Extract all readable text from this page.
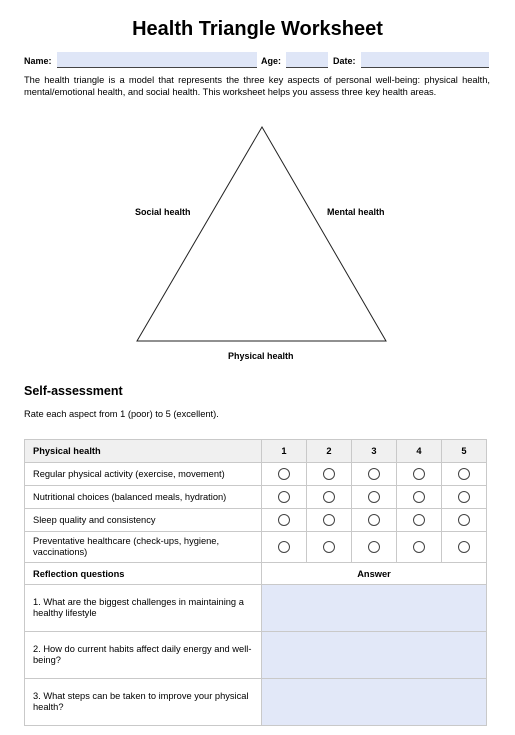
Health Triangle Worksheet
Name:	Age:	Date:

The health triangle is a model that represents the three key aspects of personal well-being: physical health, mental/emotional health, and social health. This worksheet helps you assess three key health areas.

Social health	Mental health
Physical health
Self-assessment

Rate each aspect from 1 (poor) to 5 (excellent).

Physical health	1	2	3	4	5
Regular physical activity (exercise, movement)					
Nutritional choices (balanced meals, hydration)					
Sleep quality and consistency					

Preventative healthcare (check-ups, hygiene, vaccinations)					

Reflection questions	Answer				

1. What are the biggest challenges in maintaining a healthy lifestyle					

2. How do current habits affect daily energy and well-being?					

3. What steps can be taken to improve your physical health?					
